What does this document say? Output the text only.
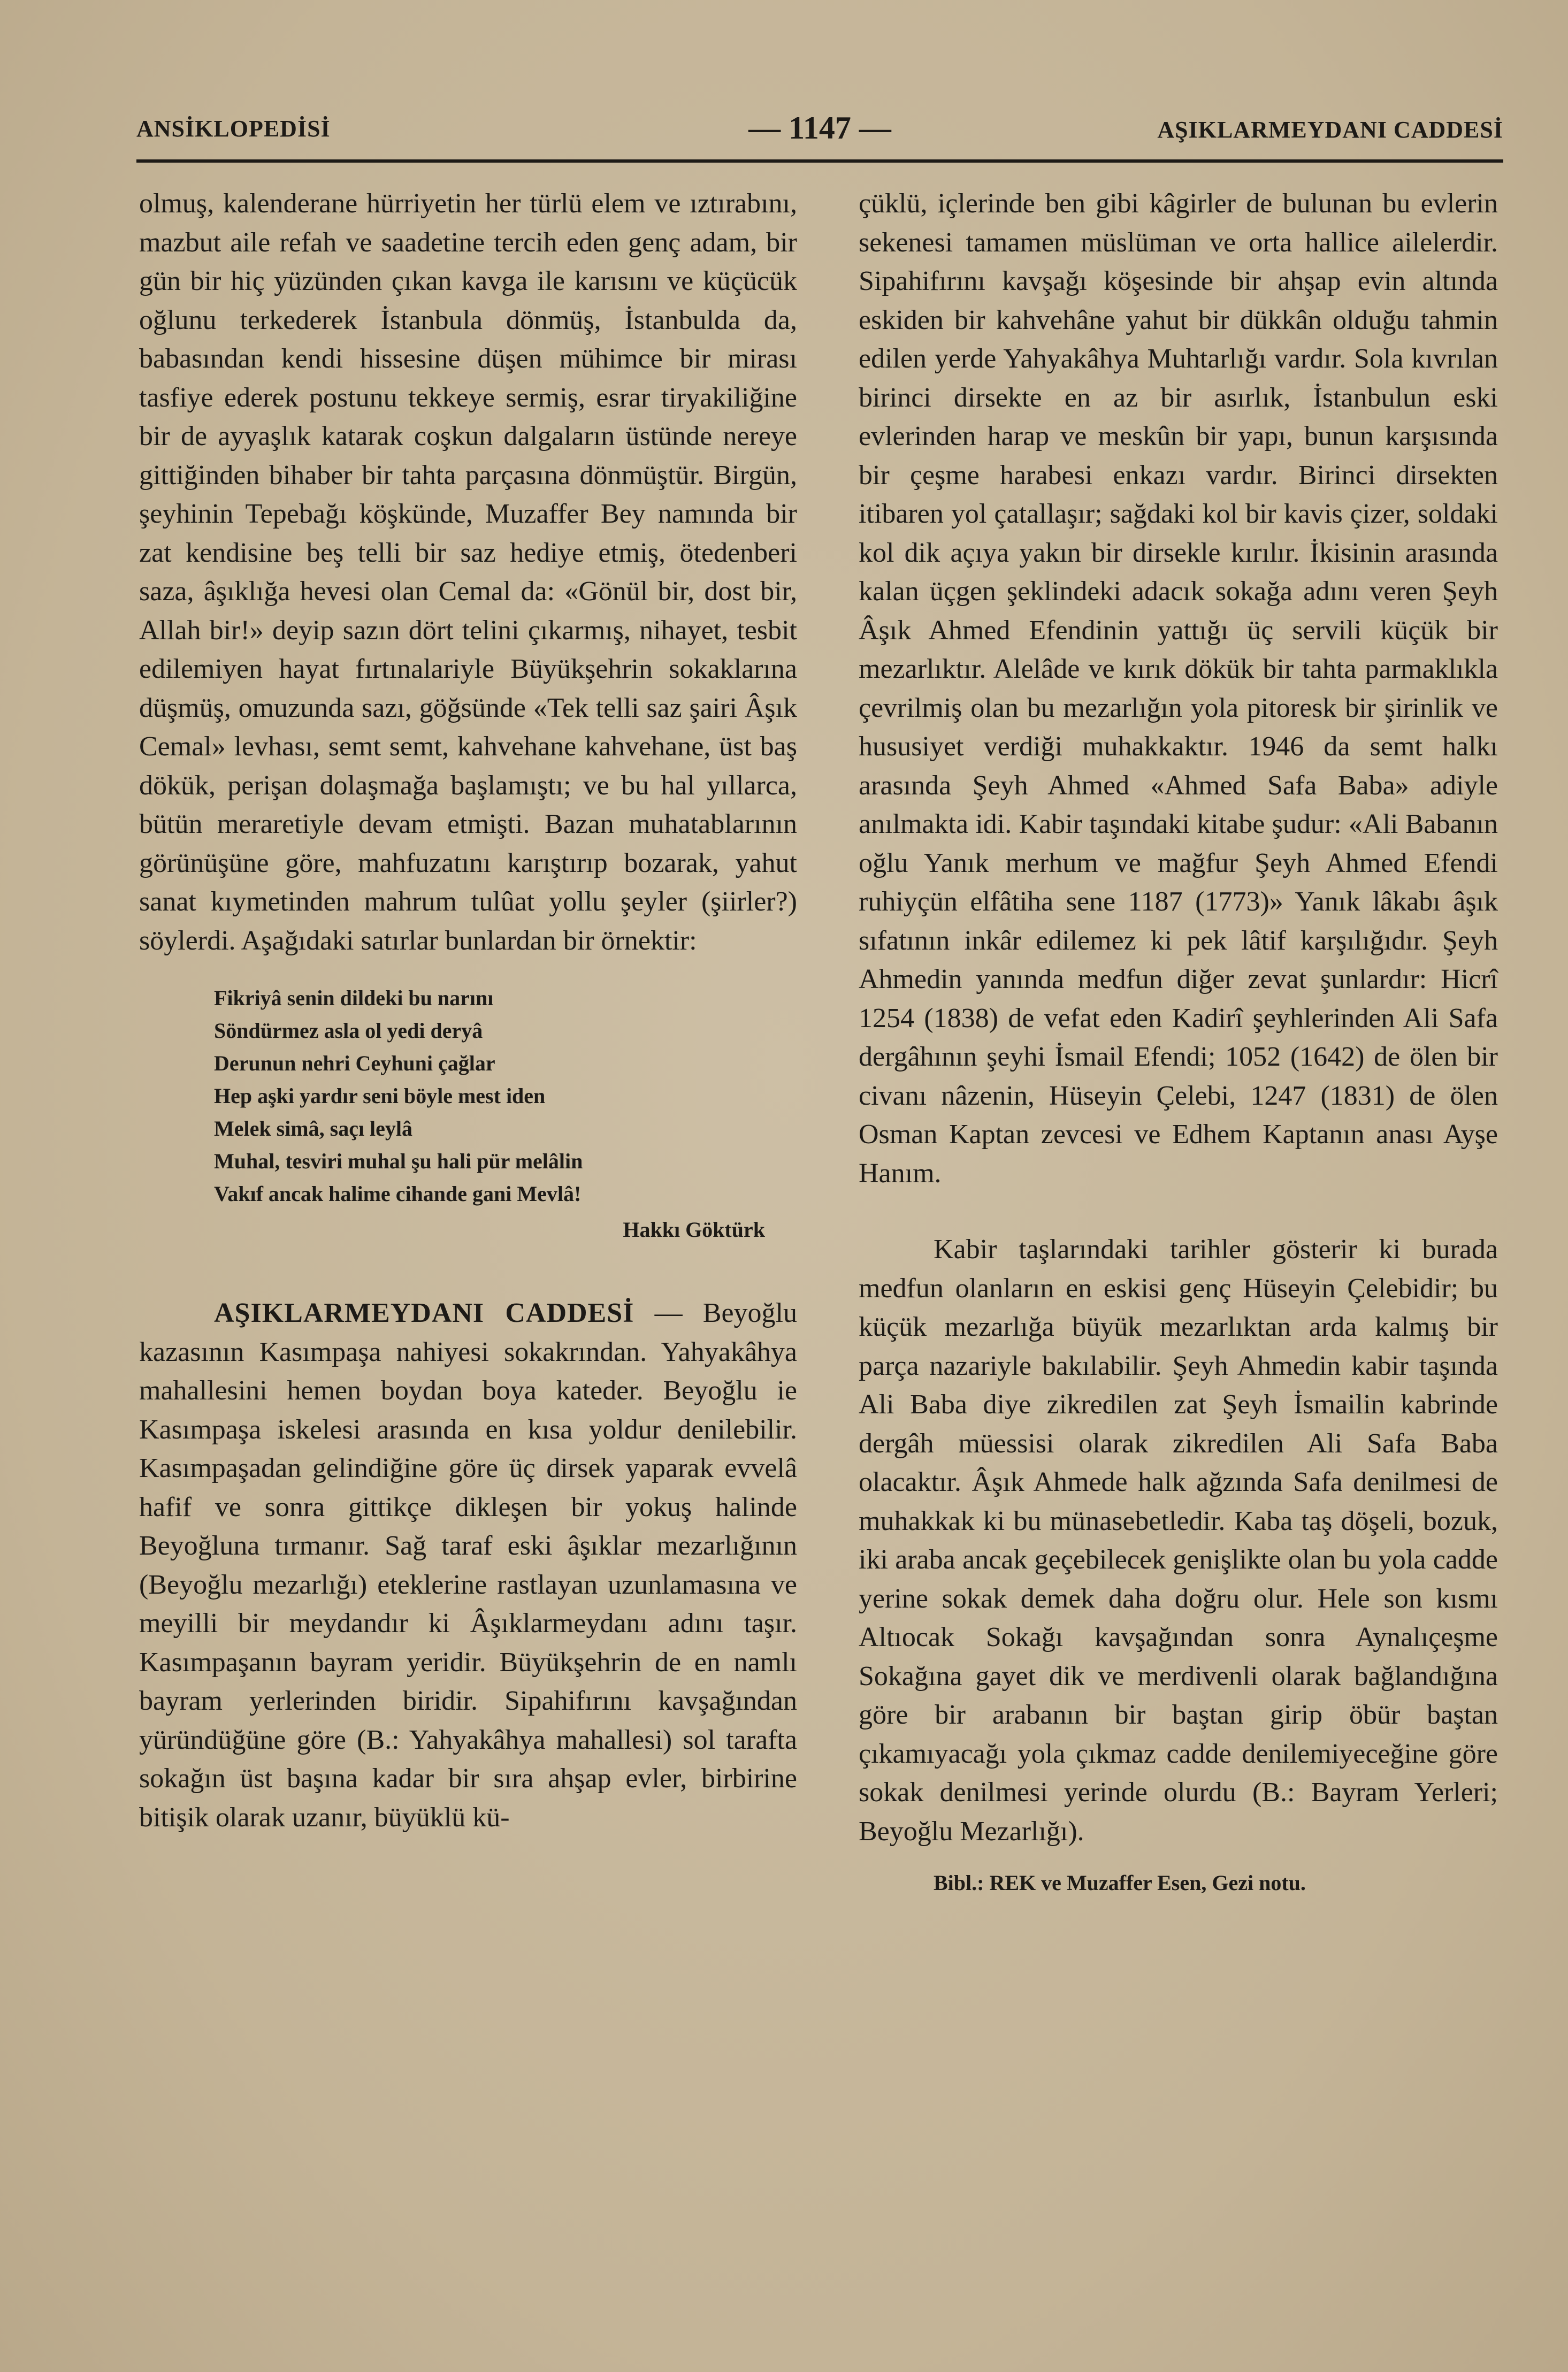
ANSİKLOPEDİSİ	— 1147 —	AŞIKLARMEYDANI CADDESİ

olmuş, kalenderane hürriyetin her türlü elem ve ıztırabını, mazbut aile refah ve saadetine tercih eden genç adam, bir gün bir hiç yüzünden çıkan kavga ile karısını ve küçücük oğlunu terkederek İstanbula dönmüş, İstanbulda da, babasından kendi hissesine düşen mühimce bir mirası tasfiye ederek postunu tekkeye sermiş, esrar tiryakiliğine bir de ayyaşlık katarak coşkun dalgaların üstünde nereye gittiğinden bihaber bir tahta parçasına dönmüştür. Birgün, şeyhinin Tepebağı köşkünde, Muzaffer Bey namında bir zat kendisine beş telli bir saz hediye etmiş, ötedenberi saza, âşıklığa hevesi olan Cemal da: «Gönül bir, dost bir, Allah bir!» deyip sazın dört telini çıkarmış, nihayet, tesbit edilemiyen hayat fırtınalariyle Büyükşehrin sokaklarına düşmüş, omuzunda sazı, göğsünde «Tek telli saz şairi Âşık Cemal» levhası, semt semt, kahvehane kahvehane, üst baş dökük, perişan dolaşmağa başlamıştı; ve bu hal yıllarca, bütün meraretiyle devam etmişti. Bazan muhatablarının görünüşüne göre, mahfuzatını karıştırıp bozarak, yahut sanat kıymetinden mahrum tulûat yollu şeyler (şiirler?) söylerdi. Aşağıdaki satırlar bunlardan bir örnektir:

Fikriyâ senin dildeki bu narını
Söndürmez asla ol yedi deryâ
Derunun nehri Ceyhuni çağlar
Hep aşki yardır seni böyle mest iden
Melek simâ, saçı leylâ
Muhal, tesviri muhal şu hali pür melâlin
Vakıf ancak halime cihande gani Mevlâ!
Hakkı Göktürk

AŞIKLARMEYDANI CADDESİ — Beyoğlu kazasının Kasımpaşa nahiyesi sokakrından. Yahyakâhya mahallesini hemen boydan boya kateder. Beyoğlu ie Kasımpaşa iskelesi arasında en kısa yoldur denilebilir. Kasımpaşadan gelindiğine göre üç dirsek yaparak evvelâ hafif ve sonra gittikçe dikleşen bir yokuş halinde Beyoğluna tırmanır. Sağ taraf eski âşıklar mezarlığının (Beyoğlu mezarlığı) eteklerine rastlayan uzunlamasına ve meyilli bir meydandır ki Âşıklarmeydanı adını taşır. Kasımpaşanın bayram yeridir. Büyükşehrin de en namlı bayram yerlerinden biridir. Sipahifırını kavşağından yüründüğüne göre (B.: Yahyakâhya mahallesi) sol tarafta sokağın üst başına kadar bir sıra ahşap evler, birbirine bitişik olarak uzanır, büyüklü kü-

çüklü, içlerinde ben gibi kâgirler de bulunan bu evlerin sekenesi tamamen müslüman ve orta hallice ailelerdir. Sipahifırını kavşağı köşesinde bir ahşap evin altında eskiden bir kahvehâne yahut bir dükkân olduğu tahmin edilen yerde Yahyakâhya Muhtarlığı vardır. Sola kıvrılan birinci dirsekte en az bir asırlık, İstanbulun eski evlerinden harap ve meskûn bir yapı, bunun karşısında bir çeşme harabesi enkazı vardır. Birinci dirsekten itibaren yol çatallaşır; sağdaki kol bir kavis çizer, soldaki kol dik açıya yakın bir dirsekle kırılır. İkisinin arasında kalan üçgen şeklindeki adacık sokağa adını veren Şeyh Âşık Ahmed Efendinin yattığı üç servili küçük bir mezarlıktır. Alelâde ve kırık dökük bir tahta parmaklıkla çevrilmiş olan bu mezarlığın yola pitoresk bir şirinlik ve hususiyet verdiği muhakkaktır. 1946 da semt halkı arasında Şeyh Ahmed «Ahmed Safa Baba» adiyle anılmakta idi. Kabir taşındaki kitabe şudur: «Ali Babanın oğlu Yanık merhum ve mağfur Şeyh Ahmed Efendi ruhiyçün elfâtiha sene 1187 (1773)» Yanık lâkabı âşık sıfatının inkâr edilemez ki pek lâtif karşılığıdır. Şeyh Ahmedin yanında medfun diğer zevat şunlardır: Hicrî 1254 (1838) de vefat eden Kadirî şeyhlerinden Ali Safa dergâhının şeyhi İsmail Efendi; 1052 (1642) de ölen bir civanı nâzenin, Hüseyin Çelebi, 1247 (1831) de ölen Osman Kaptan zevcesi ve Edhem Kaptanın anası Ayşe Hanım.

Kabir taşlarındaki tarihler gösterir ki burada medfun olanların en eskisi genç Hüseyin Çelebidir; bu küçük mezarlığa büyük mezarlıktan arda kalmış bir parça nazariyle bakılabilir. Şeyh Ahmedin kabir taşında Ali Baba diye zikredilen zat Şeyh İsmailin kabrinde dergâh müessisi olarak zikredilen Ali Safa Baba olacaktır. Âşık Ahmede halk ağzında Safa denilmesi de muhakkak ki bu münasebetledir. Kaba taş döşeli, bozuk, iki araba ancak geçebilecek genişlikte olan bu yola cadde yerine sokak demek daha doğru olur. Hele son kısmı Altıocak Sokağı kavşağından sonra Aynalıçeşme Sokağına gayet dik ve merdivenli olarak bağlandığına göre bir arabanın bir baştan girip öbür baştan çıkamıyacağı yola çıkmaz cadde denilemiyeceğine göre sokak denilmesi yerinde olurdu (B.: Bayram Yerleri; Beyoğlu Mezarlığı).

Bibl.: REK ve Muzaffer Esen, Gezi notu.
